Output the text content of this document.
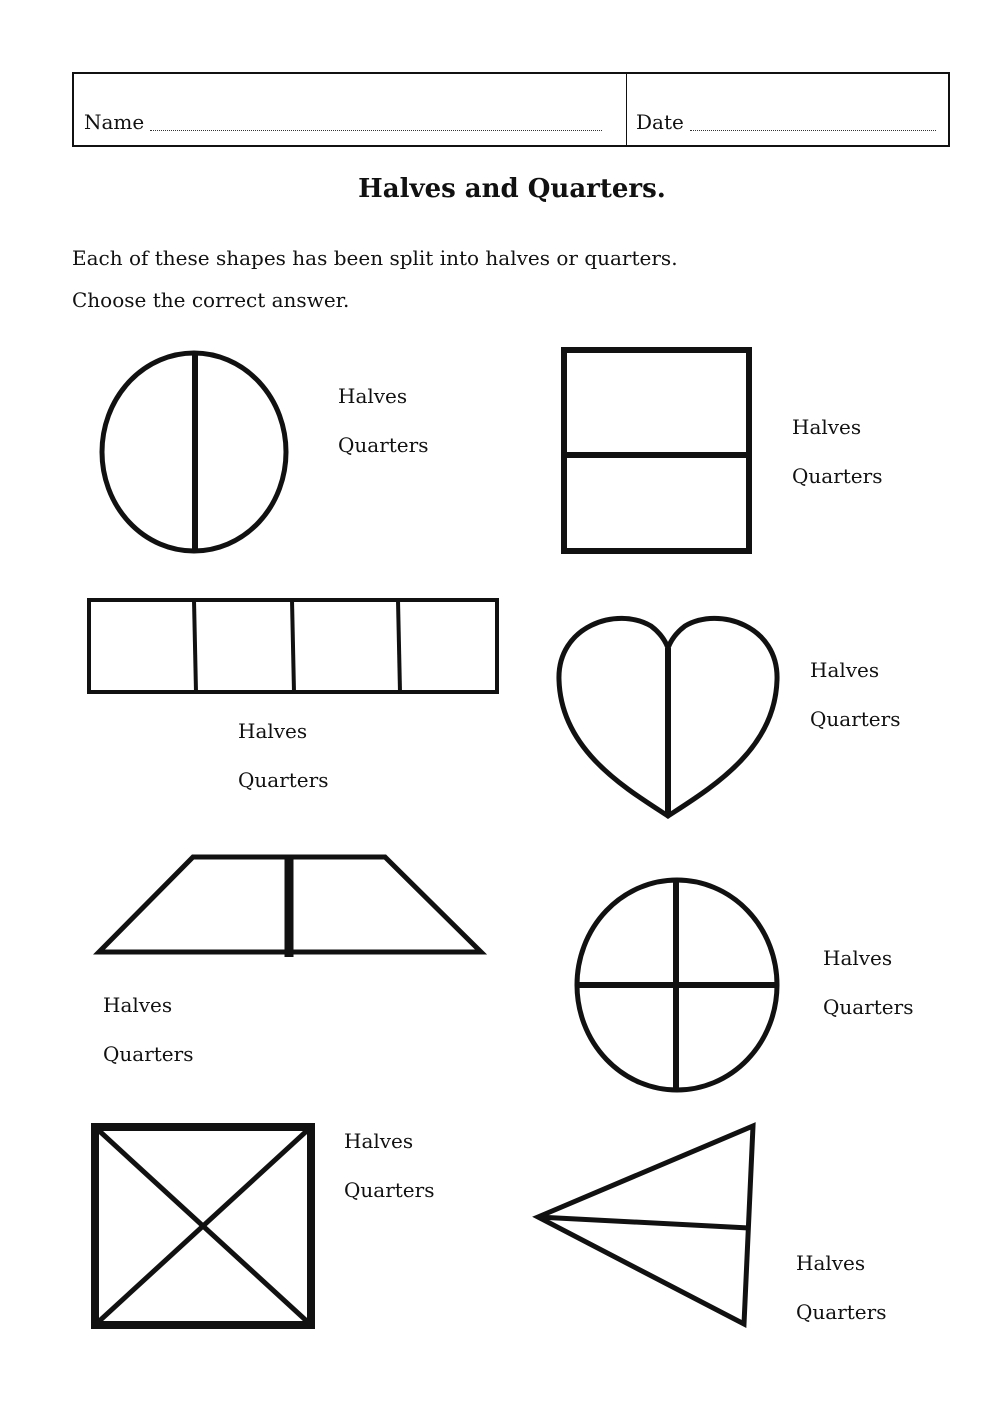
Name	Date
Halves and Quarters.

Each of these shapes has been split into halves or quarters.

Choose the correct answer.

Halves
Quarters
Halves
Quarters
Halves
Quarters
Halves
Quarters
Halves
Quarters
Halves
Quarters
Halves
Quarters
Halves
Quarters
